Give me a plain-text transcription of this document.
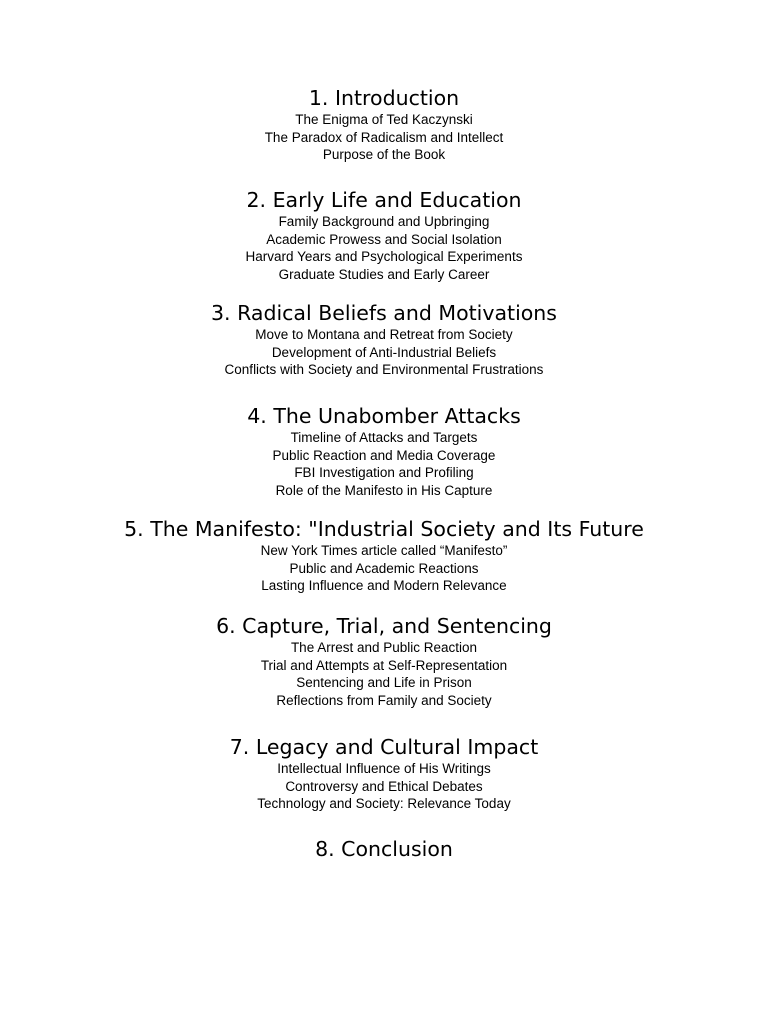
1. Introduction
The Enigma of Ted Kaczynski
The Paradox of Radicalism and Intellect
Purpose of the Book
2. Early Life and Education
Family Background and Upbringing
Academic Prowess and Social Isolation
Harvard Years and Psychological Experiments
Graduate Studies and Early Career
3. Radical Beliefs and Motivations
Move to Montana and Retreat from Society
Development of Anti-Industrial Beliefs
Conflicts with Society and Environmental Frustrations
4. The Unabomber Attacks
Timeline of Attacks and Targets
Public Reaction and Media Coverage
FBI Investigation and Profiling
Role of the Manifesto in His Capture
5. The Manifesto: "Industrial Society and Its Future
New York Times article called “Manifesto”
Public and Academic Reactions
Lasting Influence and Modern Relevance
6. Capture, Trial, and Sentencing
The Arrest and Public Reaction
Trial and Attempts at Self-Representation
Sentencing and Life in Prison
Reflections from Family and Society
7. Legacy and Cultural Impact
Intellectual Influence of His Writings
Controversy and Ethical Debates
Technology and Society: Relevance Today
8. Conclusion
